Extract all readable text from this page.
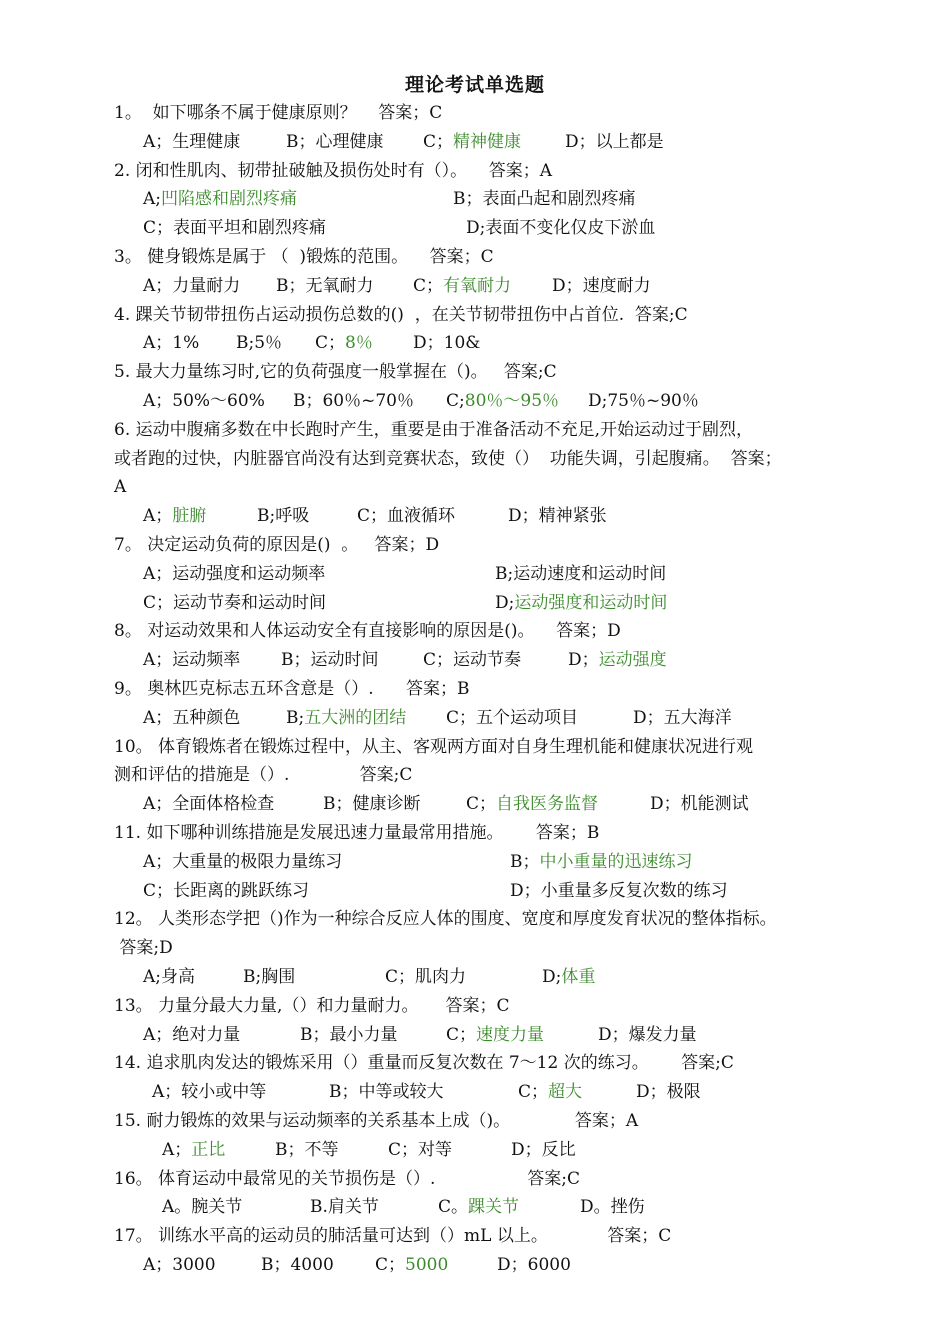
理论考试单选题
1。  如下哪条不属于健康原则？    答案；C
A；生理健康	B；心理健康 C；精神健康	D；以上都是
2. 闭和性肌肉、韧带扯破触及损伤处时有（）。    答案；A
A;凹陷感和剧烈疼痛	B；表面凸起和剧烈疼痛
C；表面平坦和剧烈疼痛	D;表面不变化仅皮下淤血
3。 健身锻炼是属于 （  )锻炼的范围。    答案；C
A；力量耐力 B；无氧耐力 C；有氧耐力 D；速度耐力
4. 踝关节韧带扭伤占运动损伤总数的()  ，在关节韧带扭伤中占首位.  答案;C
A；1% B;5％ C；8％ D；10&
5. 最大力量练习时,它的负荷强度一般掌握在（)。   答案;C
A；50%～60% B；60％~70％ C;80％～95％ D;75％~90％
6. 运动中腹痛多数在中长跑时产生，重要是由于准备活动不充足,开始运动过于剧烈，
或者跑的过快，内脏器官尚没有达到竞赛状态，致使（）  功能失调，引起腹痛。  答案；
A
A；脏腑	B;呼吸	C；血液循环	D；精神紧张
7。 决定运动负荷的原因是()  。   答案；D
A；运动强度和运动频率	B;运动速度和运动时间
C；运动节奏和运动时间	D;运动强度和运动时间
8。 对运动效果和人体运动安全有直接影响的原因是()。    答案；D
A；运动频率 B；运动时间	C；运动节奏	D；运动强度
9。 奥林匹克标志五环含意是（）.      答案；B
A；五种颜色	B;五大洲的团结 C；五个运动项目	D；五大海洋
10。 体育锻炼者在锻炼过程中，从主、客观两方面对自身生理机能和健康状况进行观
测和评估的措施是（）.             答案;C
A；全面体格检查	B；健康诊断	C；自我医务监督	D；机能测试
11. 如下哪种训练措施是发展迅速力量最常用措施。      答案；B
A；大重量的极限力量练习	B；中小重量的迅速练习
C；长距离的跳跃练习	D；小重量多反复次数的练习
12。 人类形态学把（)作为一种综合反应人体的围度、宽度和厚度发育状况的整体指标。
答案;D
A;身高	B;胸围	C；肌肉力	D;体重
13。 力量分最大力量,（）和力量耐力。     答案；C
A；绝对力量	B；最小力量	C；速度力量	D；爆发力量
14. 追求肌肉发达的锻炼采用（）重量而反复次数在 7～12 次的练习。      答案;C
A；较小或中等	B；中等或较大	C；超大	D；极限
15. 耐力锻炼的效果与运动频率的关系基本上成（)。            答案；A
A；正比	B；不等	C；对等	D；反比
16。 体育运动中最常见的关节损伤是（）.                 答案;C
A。腕关节	B.肩关节	C。踝关节	D。挫伤
17。 训练水平高的运动员的肺活量可达到（）mL 以上。           答案；C
A；3000	B；4000 C；5000	D；6000
